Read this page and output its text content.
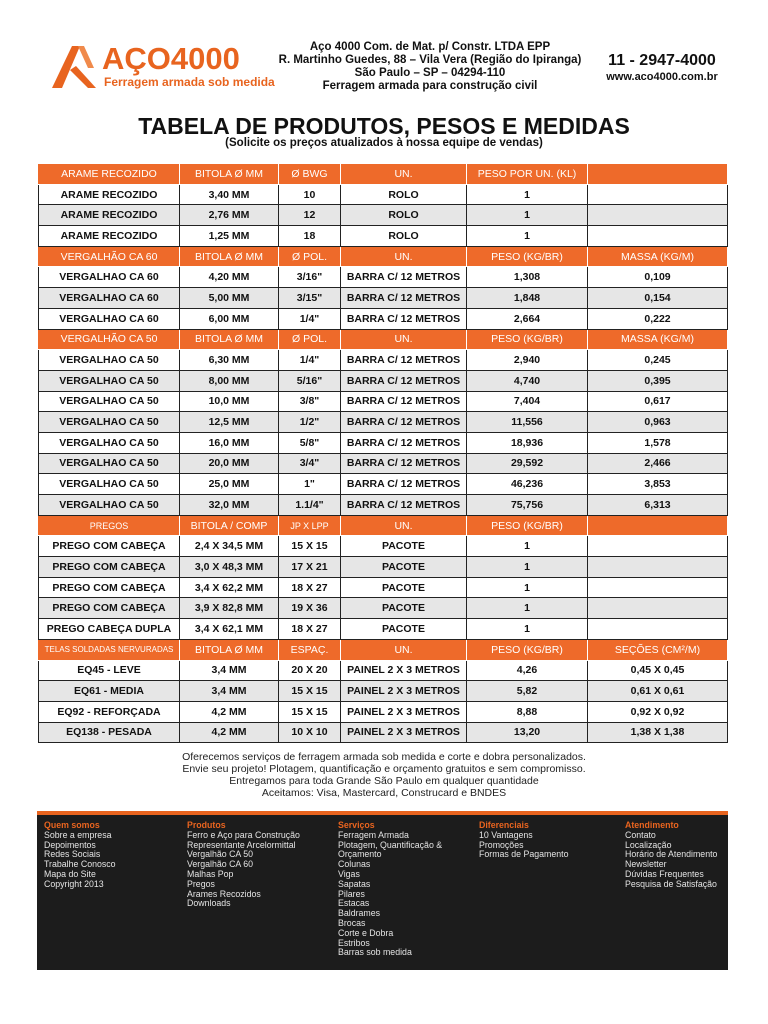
AÇO4000
Ferragem armada sob medida
Aço 4000 Com. de Mat. p/ Constr. LTDA EPP
R. Martinho Guedes, 88 – Vila Vera (Região do Ipiranga)
São Paulo – SP – 04294-110
Ferragem armada para construção civil
11 - 2947-4000
www.aco4000.com.br
TABELA DE PRODUTOS, PESOS E MEDIDAS
(Solicite os preços atualizados à nossa equipe de vendas)
ARAME RECOZIDO	BITOLA Ø MM	Ø BWG	UN.	PESO POR UN. (KL)	
ARAME RECOZIDO	3,40 MM	10	ROLO	1	
ARAME RECOZIDO	2,76 MM	12	ROLO	1	
ARAME RECOZIDO	1,25 MM	18	ROLO	1	
VERGALHÃO CA 60	BITOLA Ø MM	Ø POL.	UN.	PESO (KG/BR)	MASSA (KG/M)
VERGALHAO CA 60	4,20 MM	3/16"	BARRA C/ 12 METROS	1,308	0,109
VERGALHAO CA 60	5,00 MM	3/15"	BARRA C/ 12 METROS	1,848	0,154
VERGALHAO CA 60	6,00 MM	1/4"	BARRA C/ 12 METROS	2,664	0,222
VERGALHÃO CA 50	BITOLA Ø MM	Ø POL.	UN.	PESO (KG/BR)	MASSA (KG/M)
VERGALHAO CA 50	6,30 MM	1/4"	BARRA C/ 12 METROS	2,940	0,245
VERGALHAO CA 50	8,00 MM	5/16"	BARRA C/ 12 METROS	4,740	0,395
VERGALHAO CA 50	10,0 MM	3/8"	BARRA C/ 12 METROS	7,404	0,617
VERGALHAO CA 50	12,5 MM	1/2"	BARRA C/ 12 METROS	11,556	0,963
VERGALHAO CA 50	16,0 MM	5/8"	BARRA C/ 12 METROS	18,936	1,578
VERGALHAO CA 50	20,0 MM	3/4"	BARRA C/ 12 METROS	29,592	2,466
VERGALHAO CA 50	25,0 MM	1"	BARRA C/ 12 METROS	46,236	3,853
VERGALHAO CA 50	32,0 MM	1.1/4"	BARRA C/ 12 METROS	75,756	6,313
PREGOS	BITOLA / COMP	JP X LPP	UN.	PESO (KG/BR)	
PREGO COM CABEÇA	2,4 X 34,5 MM	15 X 15	PACOTE	1	
PREGO COM CABEÇA	3,0 X 48,3 MM	17 X 21	PACOTE	1	
PREGO COM CABEÇA	3,4 X 62,2 MM	18 X 27	PACOTE	1	
PREGO COM CABEÇA	3,9 X 82,8 MM	19 X 36	PACOTE	1	
PREGO CABEÇA DUPLA	3,4 X 62,1 MM	18 X 27	PACOTE	1	
TELAS SOLDADAS NERVURADAS	BITOLA Ø MM	ESPAÇ.	UN.	PESO (KG/BR)	SEÇÕES (CM²/M)
EQ45 - LEVE	3,4 MM	20 X 20	PAINEL 2 X 3 METROS	4,26	0,45 X 0,45
EQ61 - MEDIA	3,4 MM	15 X 15	PAINEL 2 X 3 METROS	5,82	0,61 X 0,61
EQ92 - REFORÇADA	4,2 MM	15 X 15	PAINEL 2 X 3 METROS	8,88	0,92 X 0,92
EQ138 - PESADA	4,2 MM	10 X 10	PAINEL 2 X 3 METROS	13,20	1,38 X 1,38
Oferecemos serviços de ferragem armada sob medida e corte e dobra personalizados.
Envie seu projeto! Plotagem, quantificação e orçamento gratuitos e sem compromisso.
Entregamos para toda Grande São Paulo em qualquer quantidade
Aceitamos: Visa, Mastercard, Construcard e BNDES
Quem somos
Sobre a empresa
Depoimentos
Redes Sociais
Trabalhe Conosco
Mapa do Site
Copyright 2013
Produtos
Ferro e Aço para Construção
Representante Arcelormittal
Vergalhão CA 50
Vergalhão CA 60
Malhas Pop
Pregos
Arames Recozidos
Downloads
Serviços
Ferragem Armada
Plotagem, Quantificação &
Orçamento
Colunas
Vigas
Sapatas
Pilares
Estacas
Baldrames
Brocas
Corte e Dobra
Estribos
Barras sob medida
Diferenciais
10 Vantagens
Promoções
Formas de Pagamento
Atendimento
Contato
Localização
Horário de Atendimento
Newsletter
Dúvidas Frequentes
Pesquisa de Satisfação
